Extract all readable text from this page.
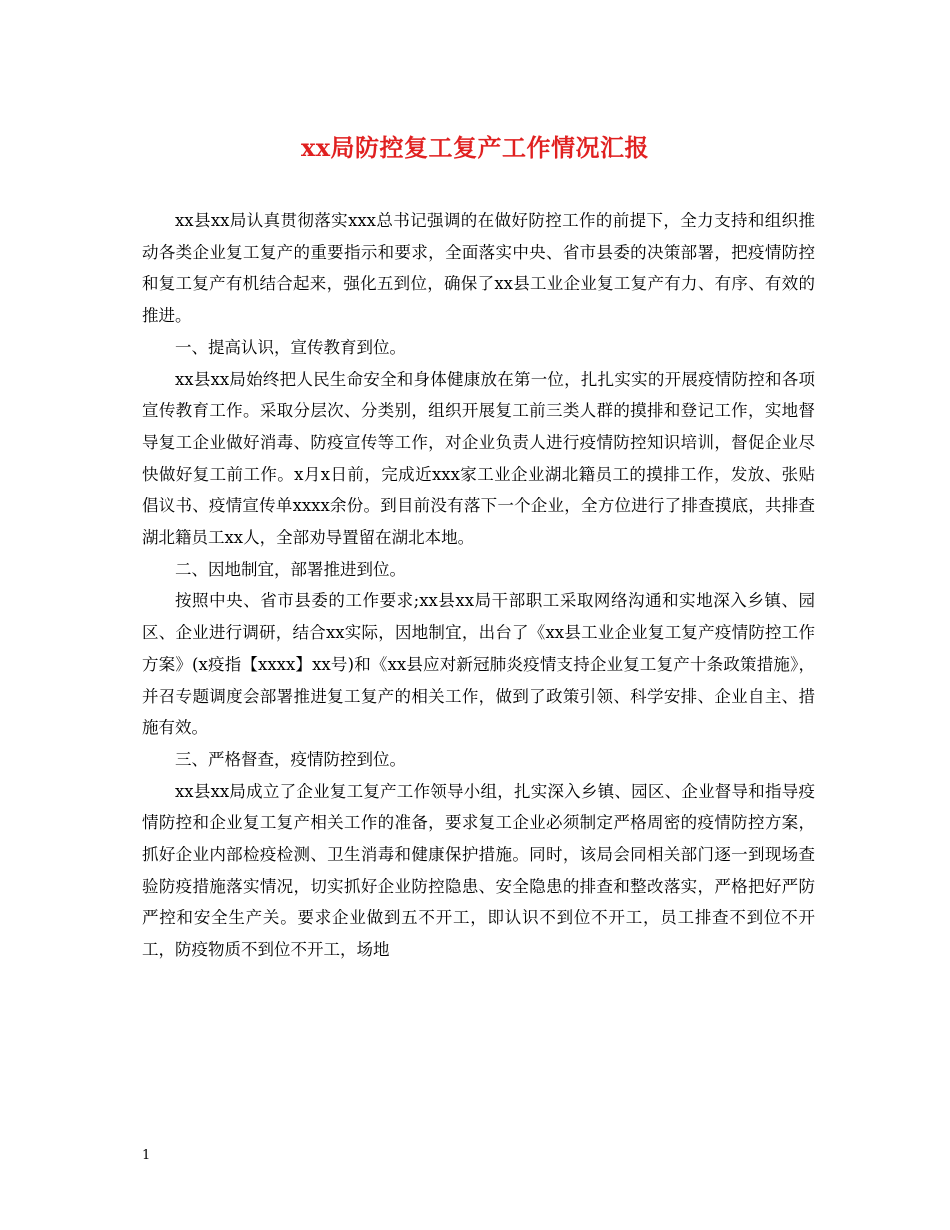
xx局防控复工复产工作情况汇报

xx县xx局认真贯彻落实xxx总书记强调的在做好防控工作的前提下，全力支持和组织推动各类企业复工复产的重要指示和要求，全面落实中央、省市县委的决策部署，把疫情防控和复工复产有机结合起来，强化五到位，确保了xx县工业企业复工复产有力、有序、有效的推进。

一、提高认识，宣传教育到位。

xx县xx局始终把人民生命安全和身体健康放在第一位，扎扎实实的开展疫情防控和各项宣传教育工作。采取分层次、分类别，组织开展复工前三类人群的摸排和登记工作，实地督导复工企业做好消毒、防疫宣传等工作，对企业负责人进行疫情防控知识培训，督促企业尽快做好复工前工作。x月x日前，完成近xxx家工业企业湖北籍员工的摸排工作，发放、张贴倡议书、疫情宣传单xxxx余份。到目前没有落下一个企业，全方位进行了排查摸底，共排查湖北籍员工xx人，全部劝导置留在湖北本地。

二、因地制宜，部署推进到位。

按照中央、省市县委的工作要求;xx县xx局干部职工采取网络沟通和实地深入乡镇、园区、企业进行调研，结合xx实际，因地制宜，出台了《xx县工业企业复工复产疫情防控工作方案》(x疫指【xxxx】xx号)和《xx县应对新冠肺炎疫情支持企业复工复产十条政策措施》，并召专题调度会部署推进复工复产的相关工作，做到了政策引领、科学安排、企业自主、措施有效。

三、严格督查，疫情防控到位。

xx县xx局成立了企业复工复产工作领导小组，扎实深入乡镇、园区、企业督导和指导疫情防控和企业复工复产相关工作的准备，要求复工企业必须制定严格周密的疫情防控方案，抓好企业内部检疫检测、卫生消毒和健康保护措施。同时，该局会同相关部门逐一到现场查验防疫措施落实情况，切实抓好企业防控隐患、安全隐患的排查和整改落实，严格把好严防严控和安全生产关。要求企业做到五不开工，即认识不到位不开工，员工排查不到位不开工，防疫物质不到位不开工，场地

1
